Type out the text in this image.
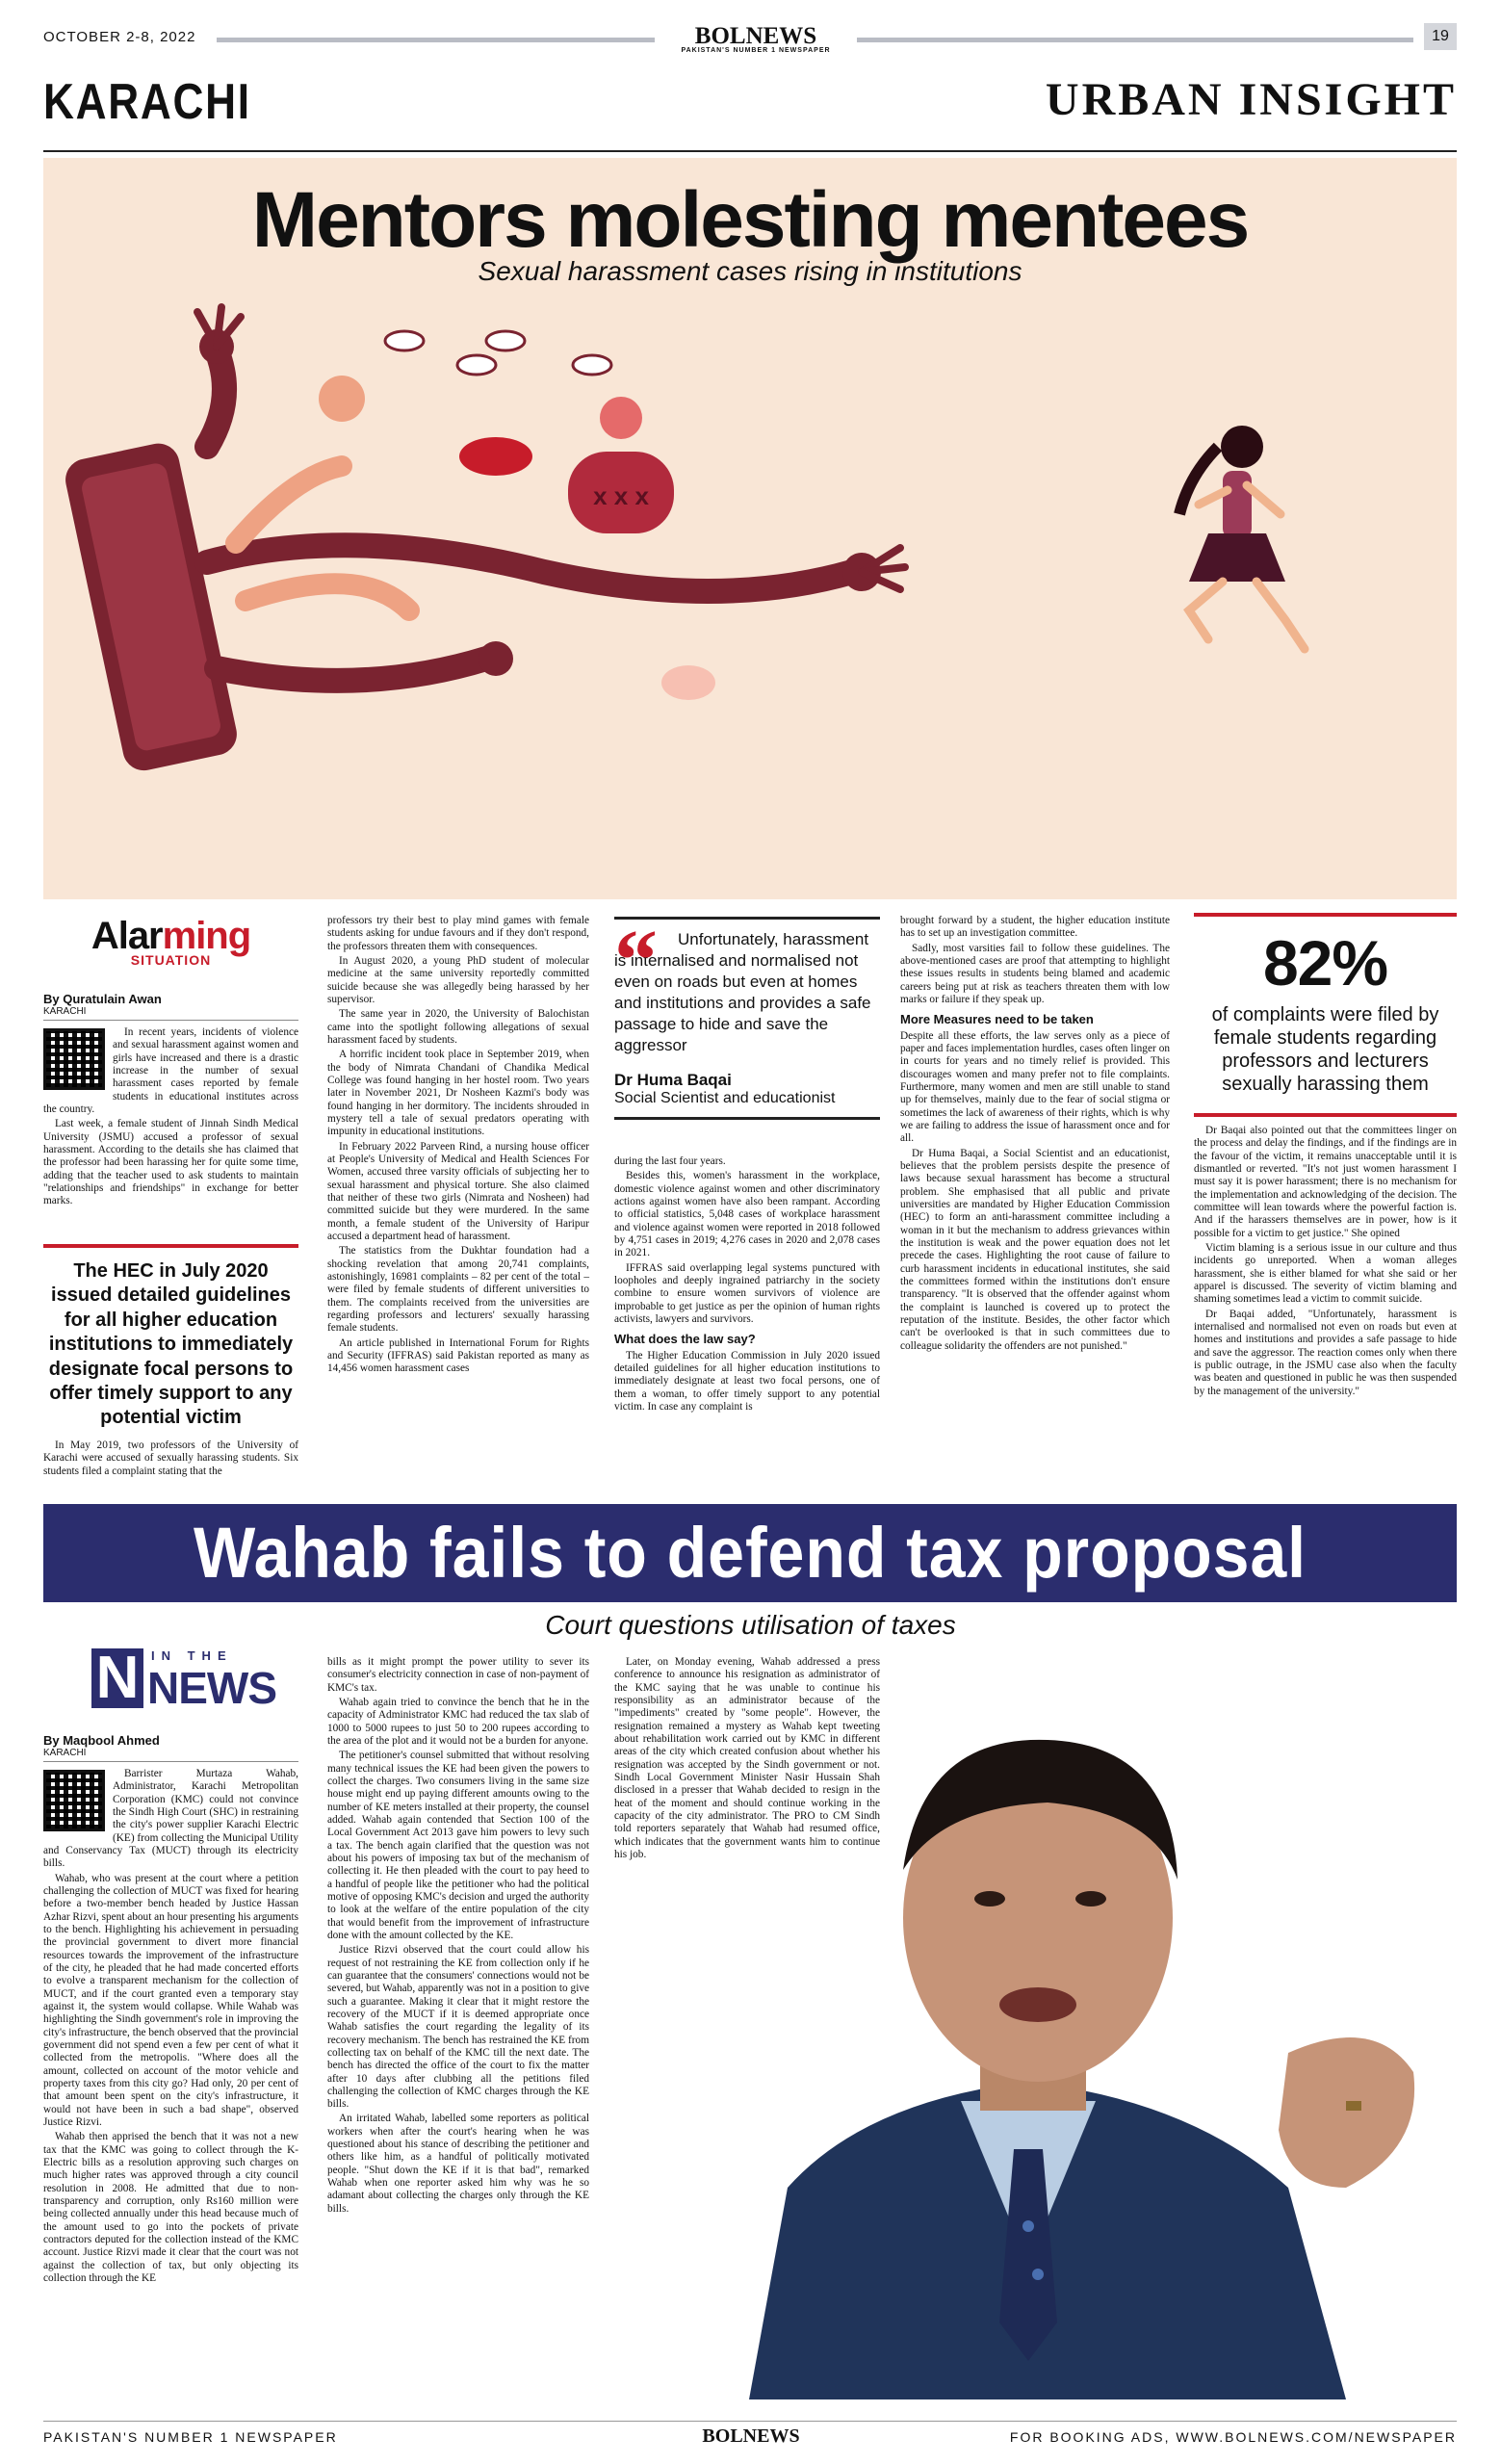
OCTOBER 2-8, 2022	BOLNEWS
PAKISTAN'S NUMBER 1 NEWSPAPER
19
KARACHI	URBAN INSIGHT
x x x
Mentors molesting mentees
Sexual harassment cases rising in institutions
Alarming
SITUATION
By Quratulain Awan
KARACHI

In recent years, incidents of violence and sexual harassment against women and girls have increased and there is a drastic increase in the number of sexual harassment cases reported by female students in educational institutes across the country.

Last week, a female student of Jinnah Sindh Medical University (JSMU) accused a professor of sexual harassment. According to the details she has claimed that the professor had been harassing her for quite some time, adding that the teacher used to ask students to maintain "relationships and friendships" in exchange for better marks.

The HEC in July 2020 issued detailed guidelines for all higher education institutions to immediately designate focal persons to offer timely support to any potential victim

In May 2019, two professors of the University of Karachi were accused of sexually harassing students. Six students filed a complaint stating that the

professors try their best to play mind games with female students asking for undue favours and if they don't respond, the professors threaten them with consequences.

In August 2020, a young PhD student of molecular medicine at the same university reportedly committed suicide because she was allegedly being harassed by her supervisor.

The same year in 2020, the University of Balochistan came into the spotlight following allegations of sexual harassment faced by students.

A horrific incident took place in September 2019, when the body of Nimrata Chandani of Chandika Medical College was found hanging in her hostel room. Two years later in November 2021, Dr Nosheen Kazmi's body was found hanging in her dormitory. The incidents shrouded in mystery tell a tale of sexual predators operating with impunity in educational institutions.

In February 2022 Parveen Rind, a nursing house officer at People's University of Medical and Health Sciences For Women, accused three varsity officials of subjecting her to sexual harassment and physical torture. She also claimed that neither of these two girls (Nimrata and Nosheen) had committed suicide but they were murdered. In the same month, a female student of the University of Haripur accused a department head of harassment.

The statistics from the Dukhtar foundation had a shocking revelation that among 20,741 complaints, astonishingly, 16981 complaints – 82 per cent of the total – were filed by female students of different universities to them. The complaints received from the universities are regarding professors and lecturers' sexually harassing female students.

An article published in International Forum for Rights and Security (IFFRAS) said Pakistan reported as many as 14,456 women harassment cases

“	Unfortunately, harassment is internalised and normalised not even on roads but even at homes and institutions and provides a safe passage to hide and save the aggressor
Dr Huma Baqai
Social Scientist and educationist

during the last four years.

Besides this, women's harassment in the workplace, domestic violence against women and other discriminatory actions against women have also been rampant. According to official statistics, 5,048 cases of workplace harassment and violence against women were reported in 2018 followed by 4,751 cases in 2019; 4,276 cases in 2020 and 2,078 cases in 2021.

IFFRAS said overlapping legal systems punctured with loopholes and deeply ingrained patriarchy in the society combine to ensure women survivors of violence are improbable to get justice as per the opinion of human rights activists, lawyers and survivors.

What does the law say?

The Higher Education Commission in July 2020 issued detailed guidelines for all higher education institutions to immediately designate at least two focal persons, one of them a woman, to offer timely support to any potential victim. In case any complaint is

brought forward by a student, the higher education institute has to set up an investigation committee.

Sadly, most varsities fail to follow these guidelines. The above-mentioned cases are proof that attempting to highlight these issues results in students being blamed and academic careers being put at risk as teachers threaten them with low marks or failure if they speak up.

More Measures need to be taken

Despite all these efforts, the law serves only as a piece of paper and faces implementation hurdles, cases often linger on in courts for years and no timely relief is provided. This discourages women and many prefer not to file complaints. Furthermore, many women and men are still unable to stand up for themselves, mainly due to the fear of social stigma or sometimes the lack of awareness of their rights, which is why we are failing to address the issue of harassment once and for all.

Dr Huma Baqai, a Social Scientist and an educationist, believes that the problem persists despite the presence of laws because sexual harassment has become a structural problem. She emphasised that all public and private universities are mandated by Higher Education Commission (HEC) to form an anti-harassment committee including a woman in it but the mechanism to address grievances within the institution is weak and the power equation does not let precede the cases. Highlighting the root cause of failure to curb harassment incidents in educational institutes, she said the committees formed within the institutions don't ensure transparency. "It is observed that the offender against whom the complaint is launched is covered up to protect the reputation of the institute. Besides, the other factor which can't be overlooked is that in such committees due to colleague solidarity the offenders are not punished."

82%
of complaints were filed by female students regarding professors and lecturers sexually harassing them

Dr Baqai also pointed out that the committees linger on the process and delay the findings, and if the findings are in the favour of the victim, it remains unacceptable until it is dismantled or reverted. "It's not just women harassment I must say it is power harassment; there is no mechanism for the implementation and acknowledging of the decision. The committee will lean towards where the powerful faction is. And if the harassers themselves are in power, how is it possible for a victim to get justice." She opined

Victim blaming is a serious issue in our culture and thus incidents go unreported. When a woman alleges harassment, she is either blamed for what she said or her apparel is discussed. The severity of victim blaming and shaming sometimes lead a victim to commit suicide.

Dr Baqai added, "Unfortunately, harassment is internalised and normalised not even on roads but even at homes and institutions and provides a safe passage to hide and save the aggressor. The reaction comes only when there is public outrage, in the JSMU case also when the faculty was beaten and questioned in public he was then suspended by the management of the university."

Wahab fails to defend tax proposal
Court questions utilisation of taxes
N IN THE
NEWS
By Maqbool Ahmed
KARACHI

Barrister Murtaza Wahab, Administrator, Karachi Metropolitan Corporation (KMC) could not convince the Sindh High Court (SHC) in restraining the city's power supplier Karachi Electric (KE) from collecting the Municipal Utility and Conservancy Tax (MUCT) through its electricity bills.

Wahab, who was present at the court where a petition challenging the collection of MUCT was fixed for hearing before a two-member bench headed by Justice Hassan Azhar Rizvi, spent about an hour presenting his arguments to the bench. Highlighting his achievement in persuading the provincial government to divert more financial resources towards the improvement of the infrastructure of the city, he pleaded that he had made concerted efforts to evolve a transparent mechanism for the collection of MUCT, and if the court granted even a temporary stay against it, the system would collapse. While Wahab was highlighting the Sindh government's role in improving the city's infrastructure, the bench observed that the provincial government did not spend even a few per cent of what it collected from the metropolis. "Where does all the amount, collected on account of the motor vehicle and property taxes from this city go? Had only, 20 per cent of that amount been spent on the city's infrastructure, it would not have been in such a bad shape", observed Justice Rizvi.

Wahab then apprised the bench that it was not a new tax that the KMC was going to collect through the K-Electric bills as a resolution approving such charges on much higher rates was approved through a city council resolution in 2008. He admitted that due to non-transparency and corruption, only Rs160 million were being collected annually under this head because much of the amount used to go into the pockets of private contractors deputed for the collection instead of the KMC account. Justice Rizvi made it clear that the court was not against the collection of tax, but only objecting its collection through the KE

bills as it might prompt the power utility to sever its consumer's electricity connection in case of non-payment of KMC's tax.

Wahab again tried to convince the bench that he in the capacity of Administrator KMC had reduced the tax slab of 1000 to 5000 rupees to just 50 to 200 rupees according to the area of the plot and it would not be a burden for anyone.

The petitioner's counsel submitted that without resolving many technical issues the KE had been given the powers to collect the charges. Two consumers living in the same size house might end up paying different amounts owing to the number of KE meters installed at their property, the counsel added. Wahab again contended that Section 100 of the Local Government Act 2013 gave him powers to levy such a tax. The bench again clarified that the question was not about his powers of imposing tax but of the mechanism of collecting it. He then pleaded with the court to pay heed to a handful of people like the petitioner who had the political motive of opposing KMC's decision and urged the authority to look at the welfare of the entire population of the city that would benefit from the improvement of infrastructure done with the amount collected by the KE.

Justice Rizvi observed that the court could allow his request of not restraining the KE from collection only if he can guarantee that the consumers' connections would not be severed, but Wahab, apparently was not in a position to give such a guarantee. Making it clear that it might restore the recovery of the MUCT if it is deemed appropriate once Wahab satisfies the court regarding the legality of its recovery mechanism. The bench has restrained the KE from collecting tax on behalf of the KMC till the next date. The bench has directed the office of the court to fix the matter after 10 days after clubbing all the petitions filed challenging the collection of KMC charges through the KE bills.

An irritated Wahab, labelled some reporters as political workers when after the court's hearing when he was questioned about his stance of describing the petitioner and others like him, as a handful of politically motivated people. "Shut down the KE if it is that bad", remarked Wahab when one reporter asked him why was he so adamant about collecting the charges only through the KE bills.

Later, on Monday evening, Wahab addressed a press conference to announce his resignation as administrator of the KMC saying that he was unable to continue his responsibility as an administrator because of the "impediments" created by "some people". However, the resignation remained a mystery as Wahab kept tweeting about rehabilitation work carried out by KMC in different areas of the city which created confusion about whether his resignation was accepted by the Sindh government or not. Sindh Local Government Minister Nasir Hussain Shah disclosed in a presser that Wahab decided to resign in the heat of the moment and should continue working in the capacity of the city administrator. The PRO to CM Sindh told reporters separately that Wahab had resumed office, which indicates that the government wants him to continue his job.

PAKISTAN'S NUMBER 1 NEWSPAPER	BOLNEWS	FOR BOOKING ADS, WWW.BOLNEWS.COM/NEWSPAPER
